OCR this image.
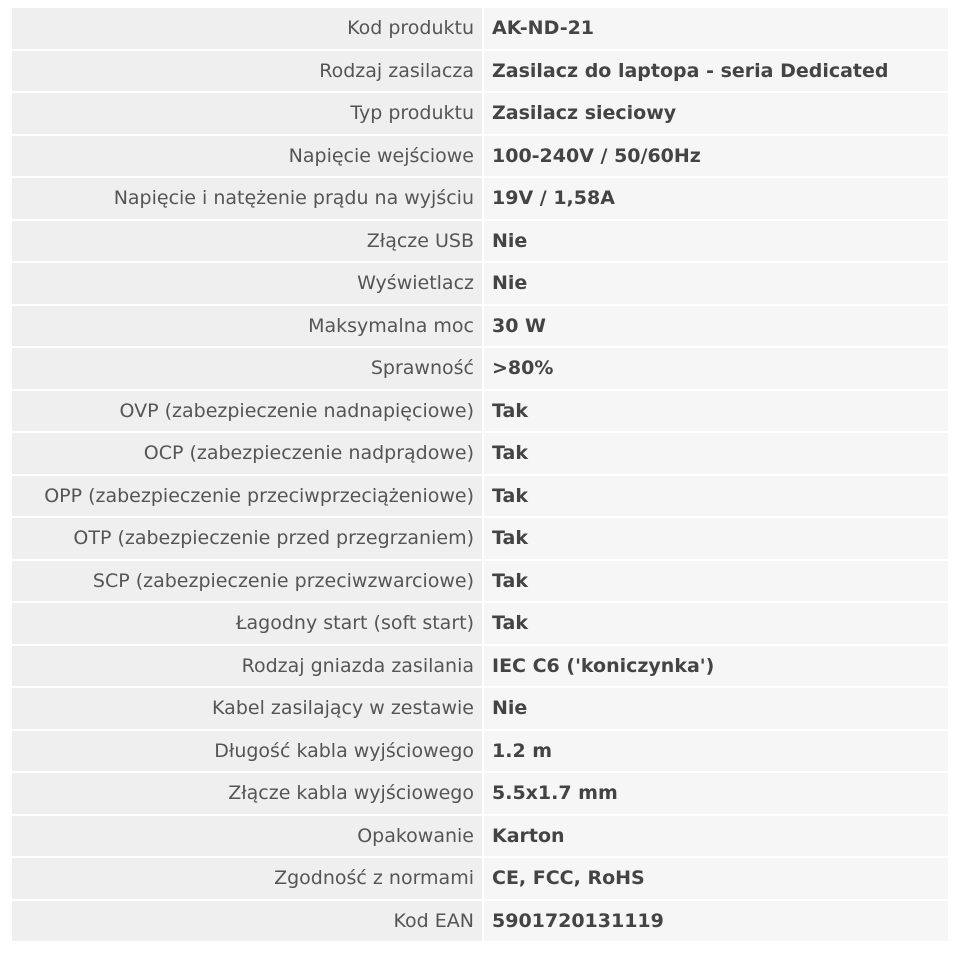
Kod produktu AK-ND-21
Rodzaj zasilacza Zasilacz do laptopa - seria Dedicated
Typ produktu Zasilacz sieciowy
Napięcie wejściowe 100-240V / 50/60Hz
Napięcie i natężenie prądu na wyjściu 19V / 1,58A
Złącze USB Nie
Wyświetlacz Nie
Maksymalna moc 30 W
Sprawność >80%
OVP (zabezpieczenie nadnapięciowe) Tak
OCP (zabezpieczenie nadprądowe) Tak
OPP (zabezpieczenie przeciwprzeciążeniowe) Tak
OTP (zabezpieczenie przed przegrzaniem) Tak
SCP (zabezpieczenie przeciwzwarciowe) Tak
Łagodny start (soft start) Tak
Rodzaj gniazda zasilania IEC C6 ('koniczynka')
Kabel zasilający w zestawie Nie
Długość kabla wyjściowego 1.2 m
Złącze kabla wyjściowego 5.5x1.7 mm
Opakowanie Karton
Zgodność z normami CE, FCC, RoHS
Kod EAN 5901720131119
